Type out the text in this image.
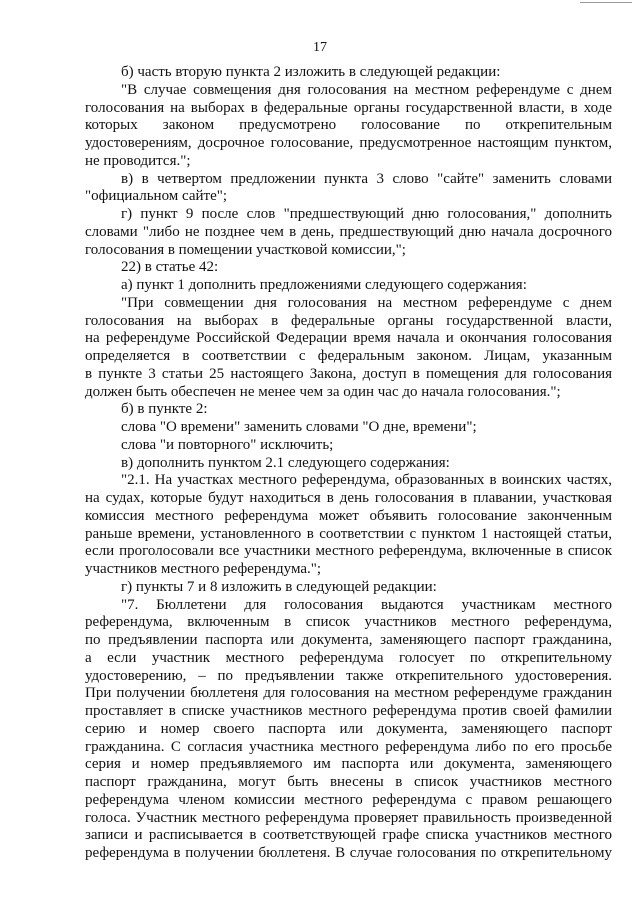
17
б) часть вторую пункта 2 изложить в следующей редакции:
"В случае совмещения дня голосования на местном референдуме с днем
голосования на выборах в федеральные органы государственной власти, в ходе
которых законом предусмотрено голосование по открепительным
удостоверениям, досрочное голосование, предусмотренное настоящим пунктом,
не проводится.";
в) в четвертом предложении пункта 3 слово "сайте" заменить словами
"официальном сайте";
г) пункт 9 после слов "предшествующий дню голосования," дополнить
словами "либо не позднее чем в день, предшествующий дню начала досрочного
голосования в помещении участковой комиссии,";
22) в статье 42:
а) пункт 1 дополнить предложениями следующего содержания:
"При совмещении дня голосования на местном референдуме с днем
голосования на выборах в федеральные органы государственной власти,
на референдуме Российской Федерации время начала и окончания голосования
определяется в соответствии с федеральным законом. Лицам, указанным
в пункте 3 статьи 25 настоящего Закона, доступ в помещения для голосования
должен быть обеспечен не менее чем за один час до начала голосования.";
б) в пункте 2:
слова "О времени" заменить словами "О дне, времени";
слова "и повторного" исключить;
в) дополнить пунктом 2.1 следующего содержания:
"2.1. На участках местного референдума, образованных в воинских частях,
на судах, которые будут находиться в день голосования в плавании, участковая
комиссия местного референдума может объявить голосование законченным
раньше времени, установленного в соответствии с пунктом 1 настоящей статьи,
если проголосовали все участники местного референдума, включенные в список
участников местного референдума.";
г) пункты 7 и 8 изложить в следующей редакции:
"7. Бюллетени для голосования выдаются участникам местного
референдума, включенным в список участников местного референдума,
по предъявлении паспорта или документа, заменяющего паспорт гражданина,
а если участник местного референдума голосует по открепительному
удостоверению, – по предъявлении также открепительного удостоверения.
При получении бюллетеня для голосования на местном референдуме гражданин
проставляет в списке участников местного референдума против своей фамилии
серию и номер своего паспорта или документа, заменяющего паспорт
гражданина. С согласия участника местного референдума либо по его просьбе
серия и номер предъявляемого им паспорта или документа, заменяющего
паспорт гражданина, могут быть внесены в список участников местного
референдума членом комиссии местного референдума с правом решающего
голоса. Участник местного референдума проверяет правильность произведенной
записи и расписывается в соответствующей графе списка участников местного
референдума в получении бюллетеня. В случае голосования по открепительному
